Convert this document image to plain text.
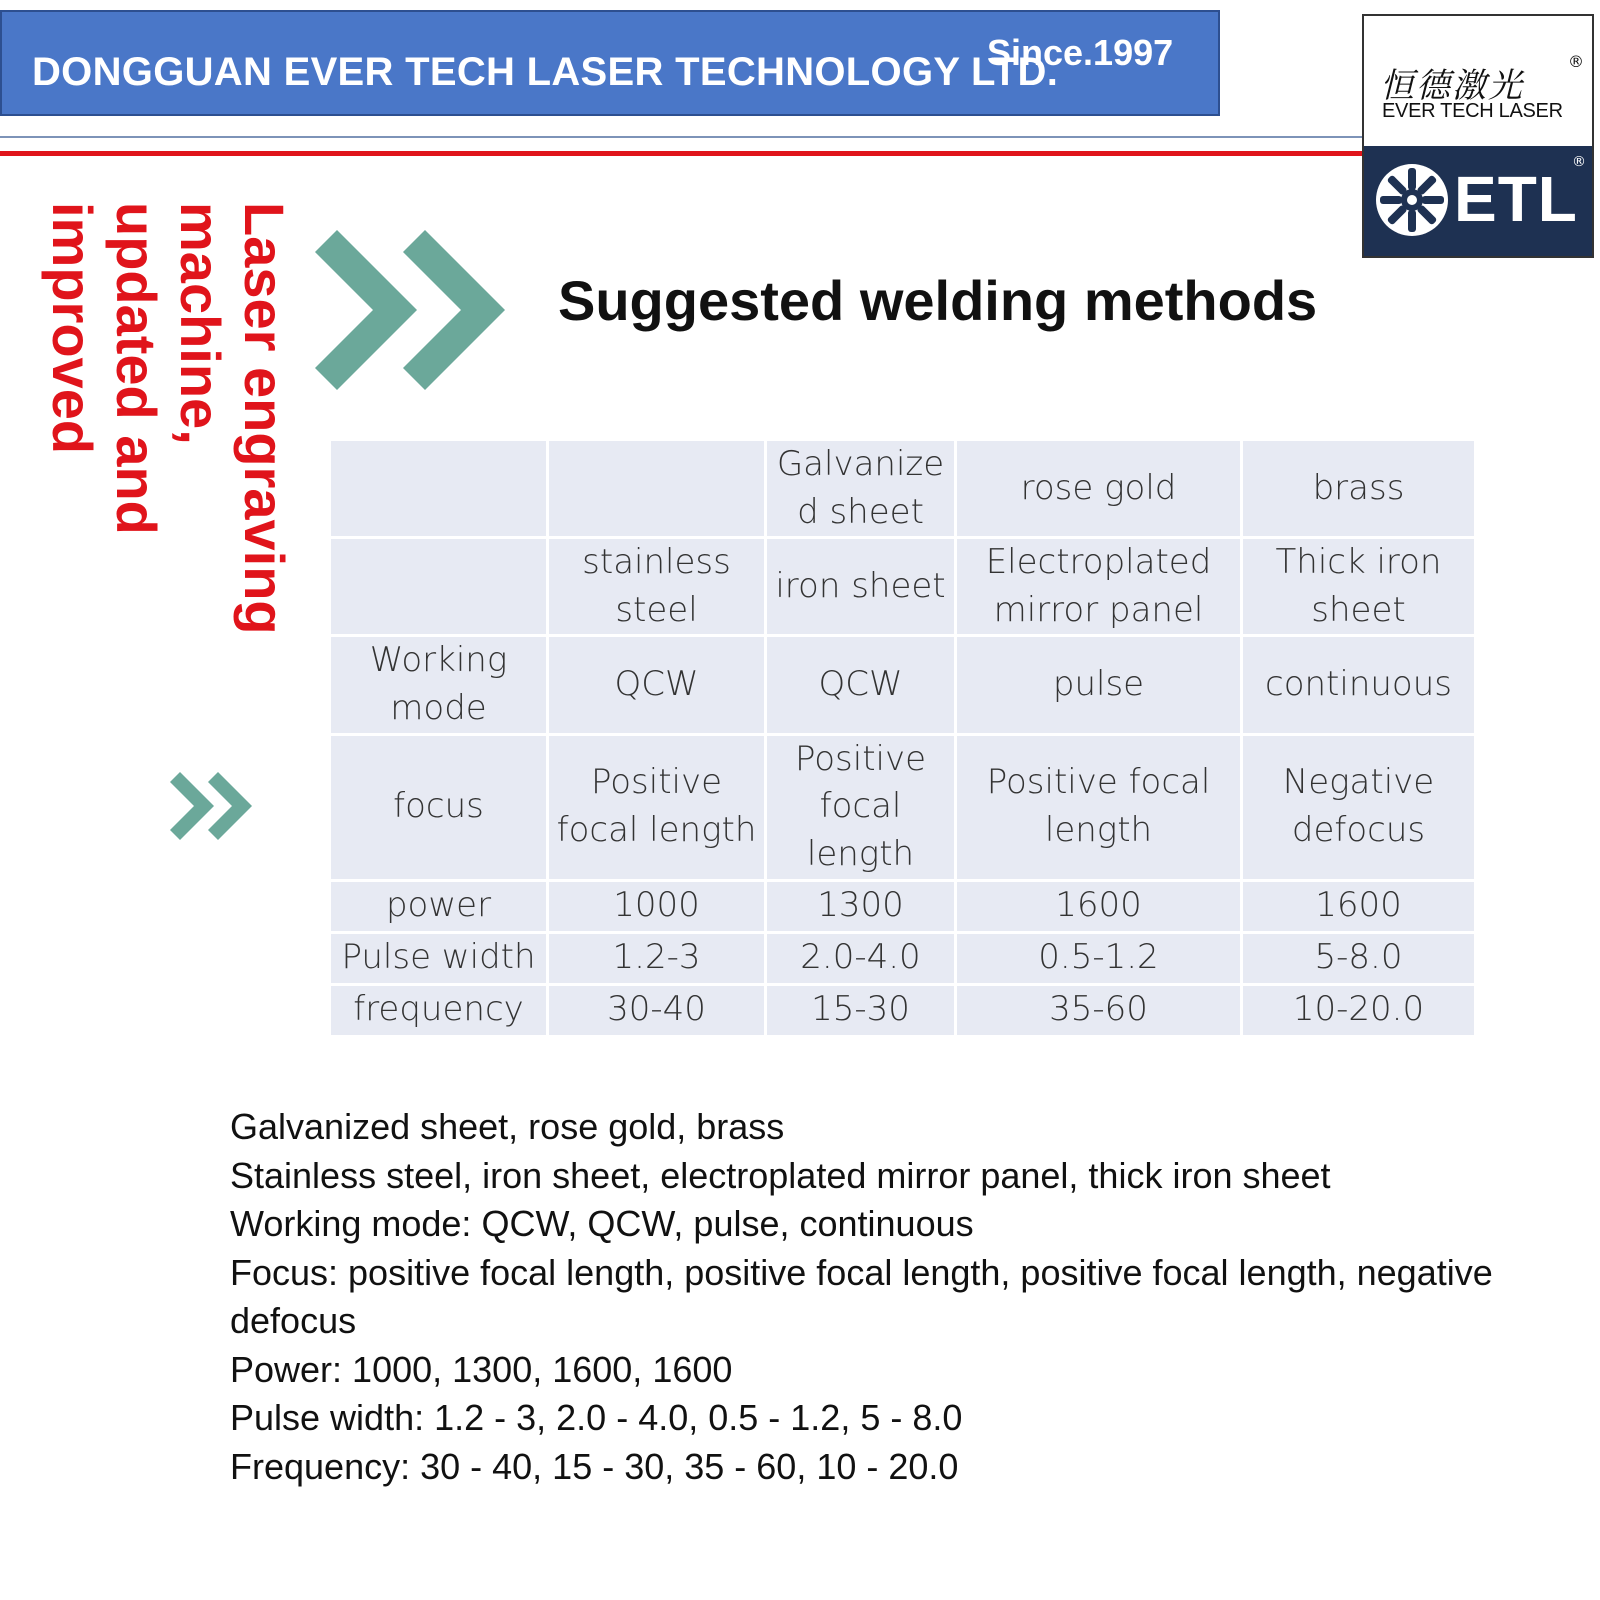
DONGGUAN EVER TECH LASER TECHNOLOGY LTD.
Since.1997
恒德激光
®
EVER TECH LASER
ETL
®
Laser engraving
machine,
updated and
improved	Suggested welding methods
		Galvanized sheet	rose gold	brass
	stainless steel	iron sheet	Electroplated mirror panel	Thick iron sheet
Working mode	QCW	QCW	pulse	continuous
focus	Positive focal length	Positive focal length	Positive focal length	Negative defocus
power	1000	1300	1600	1600
Pulse width	1.2-3	2.0-4.0	0.5-1.2	5-8.0
frequency	30-40	15-30	35-60	10-20.0
Galvanized sheet, rose gold, brass
Stainless steel, iron sheet, electroplated mirror panel, thick iron sheet
Working mode: QCW, QCW, pulse, continuous
Focus: positive focal length, positive focal length, positive focal length, negative defocus
Power: 1000, 1300, 1600, 1600
Pulse width: 1.2 - 3, 2.0 - 4.0, 0.5 - 1.2, 5 - 8.0
Frequency: 30 - 40, 15 - 30, 35 - 60, 10 - 20.0
